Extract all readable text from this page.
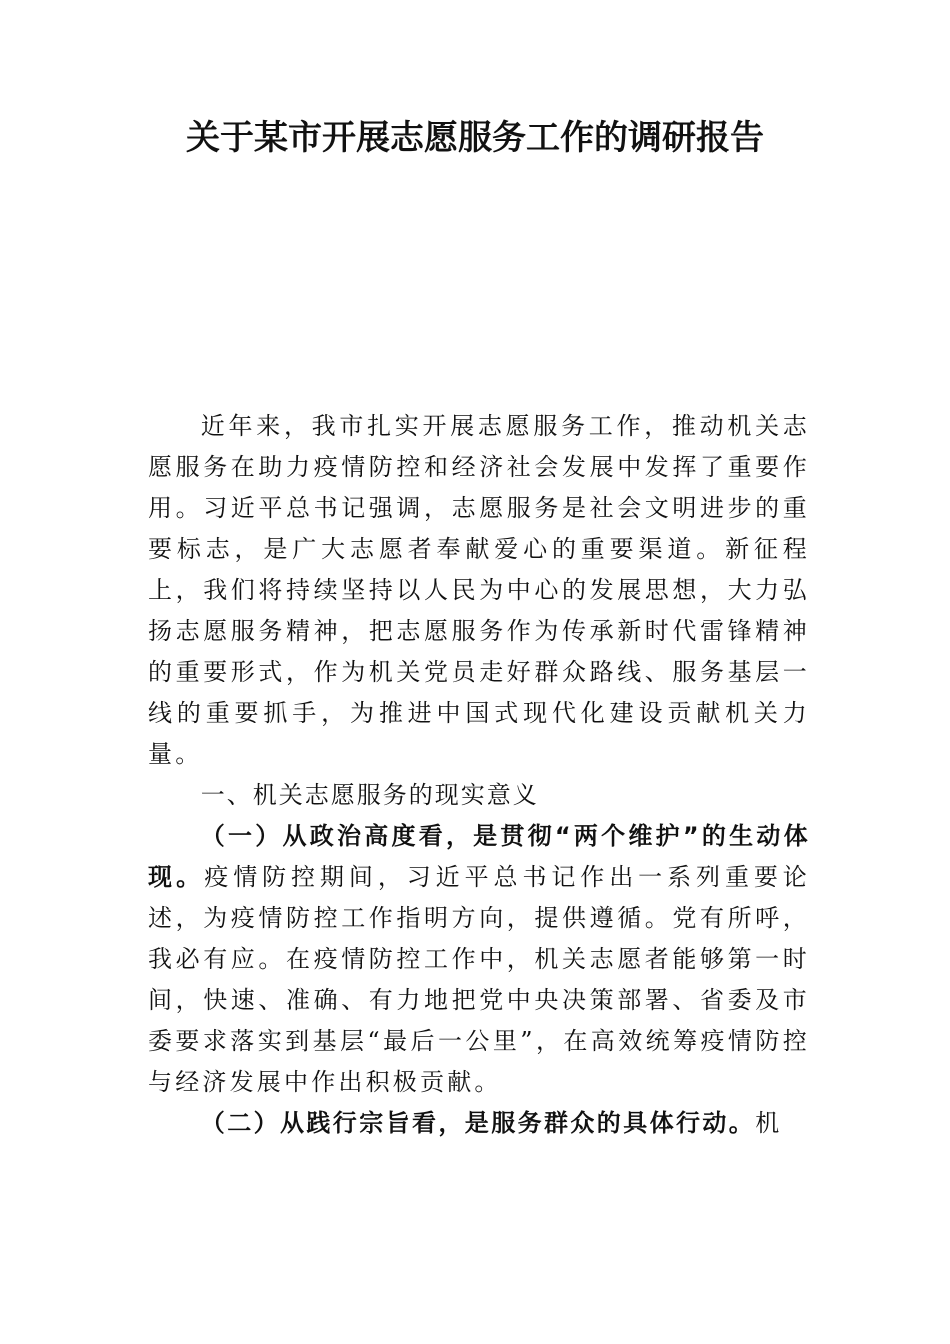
关于某市开展志愿服务工作的调研报告

近年来，我市扎实开展志愿服务工作，推动机关志愿服务在助力疫情防控和经济社会发展中发挥了重要作用。习近平总书记强调，志愿服务是社会文明进步的重要标志，是广大志愿者奉献爱心的重要渠道。新征程上，我们将持续坚持以人民为中心的发展思想，大力弘扬志愿服务精神，把志愿服务作为传承新时代雷锋精神的重要形式，作为机关党员走好群众路线、服务基层一线的重要抓手，为推进中国式现代化建设贡献机关力量。

一、机关志愿服务的现实意义

（一）从政治高度看，是贯彻“两个维护”的生动体现。疫情防控期间，习近平总书记作出一系列重要论述，为疫情防控工作指明方向，提供遵循。党有所呼，我必有应。在疫情防控工作中，机关志愿者能够第一时间，快速、准确、有力地把党中央决策部署、省委及市委要求落实到基层“最后一公里”，在高效统筹疫情防控与经济发展中作出积极贡献。

（二）从践行宗旨看，是服务群众的具体行动。机
